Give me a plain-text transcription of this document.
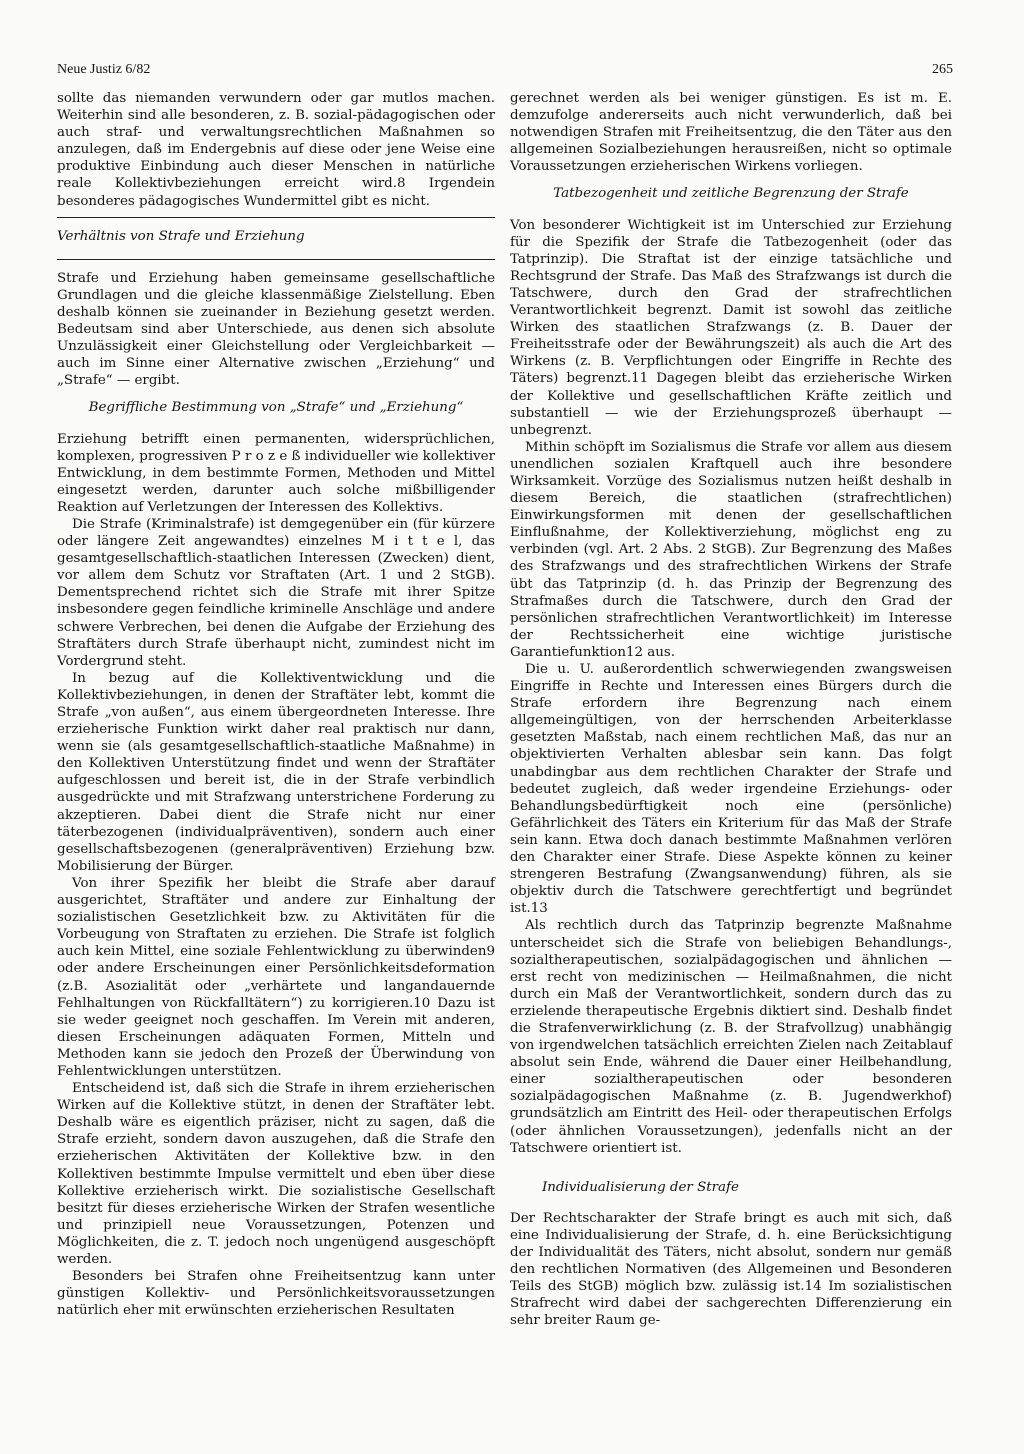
Neue Justiz 6/82	265

sollte das niemanden verwundern oder gar mutlos machen. Weiterhin sind alle besonderen, z. B. sozial-pädagogischen oder auch straf- und verwaltungsrechtlichen Maßnahmen so anzulegen, daß im Endergebnis auf diese oder jene Weise eine produktive Einbindung auch dieser Menschen in natürliche reale Kollektivbeziehungen erreicht wird.8 Irgendein besonderes pädagogisches Wundermittel gibt es nicht.

Verhältnis von Strafe und Erziehung

Strafe und Erziehung haben gemeinsame gesellschaftliche Grundlagen und die gleiche klassenmäßige Zielstellung. Eben deshalb können sie zueinander in Beziehung gesetzt werden. Bedeutsam sind aber Unterschiede, aus denen sich absolute Unzulässigkeit einer Gleichstellung oder Vergleichbarkeit — auch im Sinne einer Alternative zwischen „Erziehung“ und „Strafe“ — ergibt.

Begriffliche Bestimmung von „Strafe“ und „Erziehung“

Erziehung betrifft einen permanenten, widersprüchlichen, komplexen, progressiven P r o z e ß individueller wie kollektiver Entwicklung, in dem bestimmte Formen, Methoden und Mittel eingesetzt werden, darunter auch solche mißbilligender Reaktion auf Verletzungen der Interessen des Kollektivs.

Die Strafe (Kriminalstrafe) ist demgegenüber ein (für kürzere oder längere Zeit angewandtes) einzelnes M i t t e l, das gesamtgesellschaftlich-staatlichen Interessen (Zwecken) dient, vor allem dem Schutz vor Straftaten (Art. 1 und 2 StGB). Dementsprechend richtet sich die Strafe mit ihrer Spitze insbesondere gegen feindliche kriminelle Anschläge und andere schwere Verbrechen, bei denen die Aufgabe der Erziehung des Straftäters durch Strafe überhaupt nicht, zumindest nicht im Vordergrund steht.

In bezug auf die Kollektiventwicklung und die Kollektivbeziehungen, in denen der Straftäter lebt, kommt die Strafe „von außen“, aus einem übergeordneten Interesse. Ihre erzieherische Funktion wirkt daher real praktisch nur dann, wenn sie (als gesamtgesellschaftlich-staatliche Maßnahme) in den Kollektiven Unterstützung findet und wenn der Straftäter aufgeschlossen und bereit ist, die in der Strafe verbindlich ausgedrückte und mit Strafzwang unterstrichene Forderung zu akzeptieren. Dabei dient die Strafe nicht nur einer täterbezogenen (individualpräventiven), sondern auch einer gesellschaftsbezogenen (generalpräventiven) Erziehung bzw. Mobilisierung der Bürger.

Von ihrer Spezifik her bleibt die Strafe aber darauf ausgerichtet, Straftäter und andere zur Einhaltung der sozialistischen Gesetzlichkeit bzw. zu Aktivitäten für die Vorbeugung von Straftaten zu erziehen. Die Strafe ist folglich auch kein Mittel, eine soziale Fehlentwicklung zu überwinden9 oder andere Erscheinungen einer Persönlichkeitsdeformation (z.B. Asozialität oder „verhärtete und langandauernde Fehlhaltungen von Rückfalltätern“) zu korrigieren.10 Dazu ist sie weder geeignet noch geschaffen. Im Verein mit anderen, diesen Erscheinungen adäquaten Formen, Mitteln und Methoden kann sie jedoch den Prozeß der Überwindung von Fehlentwicklungen unterstützen.

Entscheidend ist, daß sich die Strafe in ihrem erzieherischen Wirken auf die Kollektive stützt, in denen der Straftäter lebt. Deshalb wäre es eigentlich präziser, nicht zu sagen, daß die Strafe erzieht, sondern davon auszugehen, daß die Strafe den erzieherischen Aktivitäten der Kollektive bzw. in den Kollektiven bestimmte Impulse vermittelt und eben über diese Kollektive erzieherisch wirkt. Die sozialistische Gesellschaft besitzt für dieses erzieherische Wirken der Strafen wesentliche und prinzipiell neue Voraussetzungen, Potenzen und Möglichkeiten, die z. T. jedoch noch ungenügend ausgeschöpft werden.

Besonders bei Strafen ohne Freiheitsentzug kann unter günstigen Kollektiv- und Persönlichkeitsvoraussetzungen natürlich eher mit erwünschten erzieherischen Resultaten

gerechnet werden als bei weniger günstigen. Es ist m. E. demzufolge andererseits auch nicht verwunderlich, daß bei notwendigen Strafen mit Freiheitsentzug, die den Täter aus den allgemeinen Sozialbeziehungen herausreißen, nicht so optimale Voraussetzungen erzieherischen Wirkens vorliegen.

Tatbezogenheit und zeitliche Begrenzung der Strafe

Von besonderer Wichtigkeit ist im Unterschied zur Erziehung für die Spezifik der Strafe die Tatbezogenheit (oder das Tatprinzip). Die Straftat ist der einzige tatsächliche und Rechtsgrund der Strafe. Das Maß des Strafzwangs ist durch die Tatschwere, durch den Grad der strafrechtlichen Verantwortlichkeit begrenzt. Damit ist sowohl das zeitliche Wirken des staatlichen Strafzwangs (z. B. Dauer der Freiheitsstrafe oder der Bewährungszeit) als auch die Art des Wirkens (z. B. Verpflichtungen oder Eingriffe in Rechte des Täters) begrenzt.11 Dagegen bleibt das erzieherische Wirken der Kollektive und gesellschaftlichen Kräfte zeitlich und substantiell — wie der Erziehungsprozeß überhaupt — unbegrenzt.

Mithin schöpft im Sozialismus die Strafe vor allem aus diesem unendlichen sozialen Kraftquell auch ihre besondere Wirksamkeit. Vorzüge des Sozialismus nutzen heißt deshalb in diesem Bereich, die staatlichen (strafrechtlichen) Einwirkungsformen mit denen der gesellschaftlichen Einflußnahme, der Kollektiverziehung, möglichst eng zu verbinden (vgl. Art. 2 Abs. 2 StGB). Zur Begrenzung des Maßes des Strafzwangs und des strafrechtlichen Wirkens der Strafe übt das Tatprinzip (d. h. das Prinzip der Begrenzung des Strafmaßes durch die Tatschwere, durch den Grad der persönlichen strafrechtlichen Verantwortlichkeit) im Interesse der Rechtssicherheit eine wichtige juristische Garantiefunktion12 aus.

Die u. U. außerordentlich schwerwiegenden zwangsweisen Eingriffe in Rechte und Interessen eines Bürgers durch die Strafe erfordern ihre Begrenzung nach einem allgemeingültigen, von der herrschenden Arbeiterklasse gesetzten Maßstab, nach einem rechtlichen Maß, das nur an objektivierten Verhalten ablesbar sein kann. Das folgt unabdingbar aus dem rechtlichen Charakter der Strafe und bedeutet zugleich, daß weder irgendeine Erziehungs- oder Behandlungsbedürftigkeit noch eine (persönliche) Gefährlichkeit des Täters ein Kriterium für das Maß der Strafe sein kann. Etwa doch danach bestimmte Maßnahmen verlören den Charakter einer Strafe. Diese Aspekte können zu keiner strengeren Bestrafung (Zwangsanwendung) führen, als sie objektiv durch die Tatschwere gerechtfertigt und begründet ist.13

Als rechtlich durch das Tatprinzip begrenzte Maßnahme unterscheidet sich die Strafe von beliebigen Behandlungs-, sozialtherapeutischen, sozialpädagogischen und ähnlichen — erst recht von medizinischen — Heilmaßnahmen, die nicht durch ein Maß der Verantwortlichkeit, sondern durch das zu erzielende therapeutische Ergebnis diktiert sind. Deshalb findet die Strafenverwirklichung (z. B. der Strafvollzug) unabhängig von irgendwelchen tatsächlich erreichten Zielen nach Zeitablauf absolut sein Ende, während die Dauer einer Heilbehandlung, einer sozialtherapeutischen oder besonderen sozialpädagogischen Maßnahme (z. B. Jugendwerkhof) grundsätzlich am Eintritt des Heil- oder therapeutischen Erfolgs (oder ähnlichen Voraussetzungen), jedenfalls nicht an der Tatschwere orientiert ist.

Individualisierung der Strafe

Der Rechtscharakter der Strafe bringt es auch mit sich, daß eine Individualisierung der Strafe, d. h. eine Berücksichtigung der Individualität des Täters, nicht absolut, sondern nur gemäß den rechtlichen Normativen (des Allgemeinen und Besonderen Teils des StGB) möglich bzw. zulässig ist.14 Im sozialistischen Strafrecht wird dabei der sachgerechten Differenzierung ein sehr breiter Raum ge-
